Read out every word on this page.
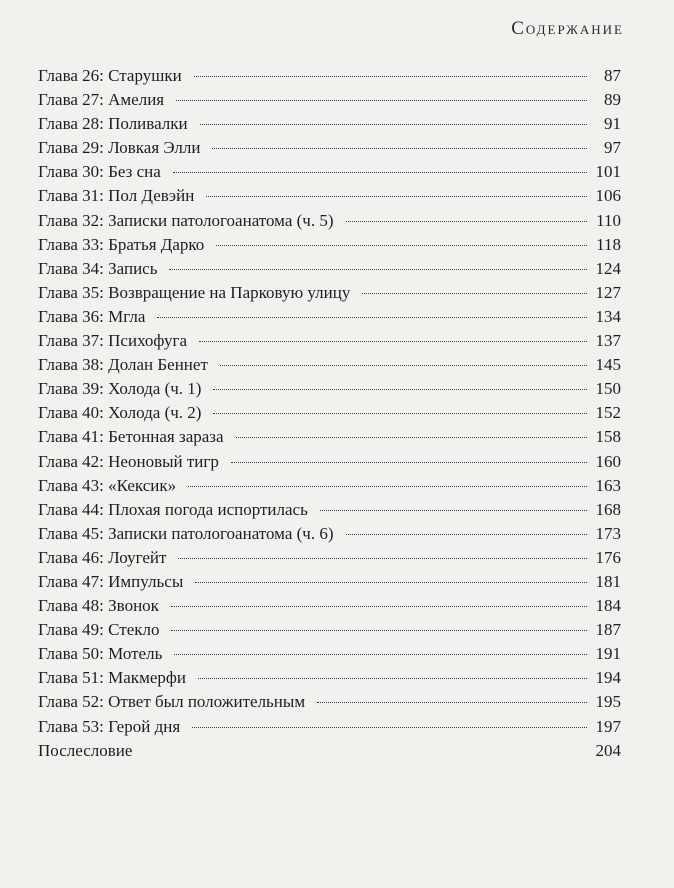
Содержание
Глава 26: Старушки	87
Глава 27: Амелия	89
Глава 28: Поливалки	91
Глава 29: Ловкая Элли	97
Глава 30: Без сна	101
Глава 31: Пол Девэйн	106
Глава 32: Записки патологоанатома (ч. 5)	110
Глава 33: Братья Дарко	118
Глава 34: Запись	124
Глава 35: Возвращение на Парковую улицу	127
Глава 36: Мгла	134
Глава 37: Психофуга	137
Глава 38: Долан Беннет	145
Глава 39: Холода (ч. 1)	150
Глава 40: Холода (ч. 2)	152
Глава 41: Бетонная зараза	158
Глава 42: Неоновый тигр	160
Глава 43: «Кексик»	163
Глава 44: Плохая погода испортилась	168
Глава 45: Записки патологоанатома (ч. 6)	173
Глава 46: Лоугейт	176
Глава 47: Импульсы	181
Глава 48: Звонок	184
Глава 49: Стекло	187
Глава 50: Мотель	191
Глава 51: Макмерфи	194
Глава 52: Ответ был положительным	195
Глава 53: Герой дня	197
Послесловие	204
